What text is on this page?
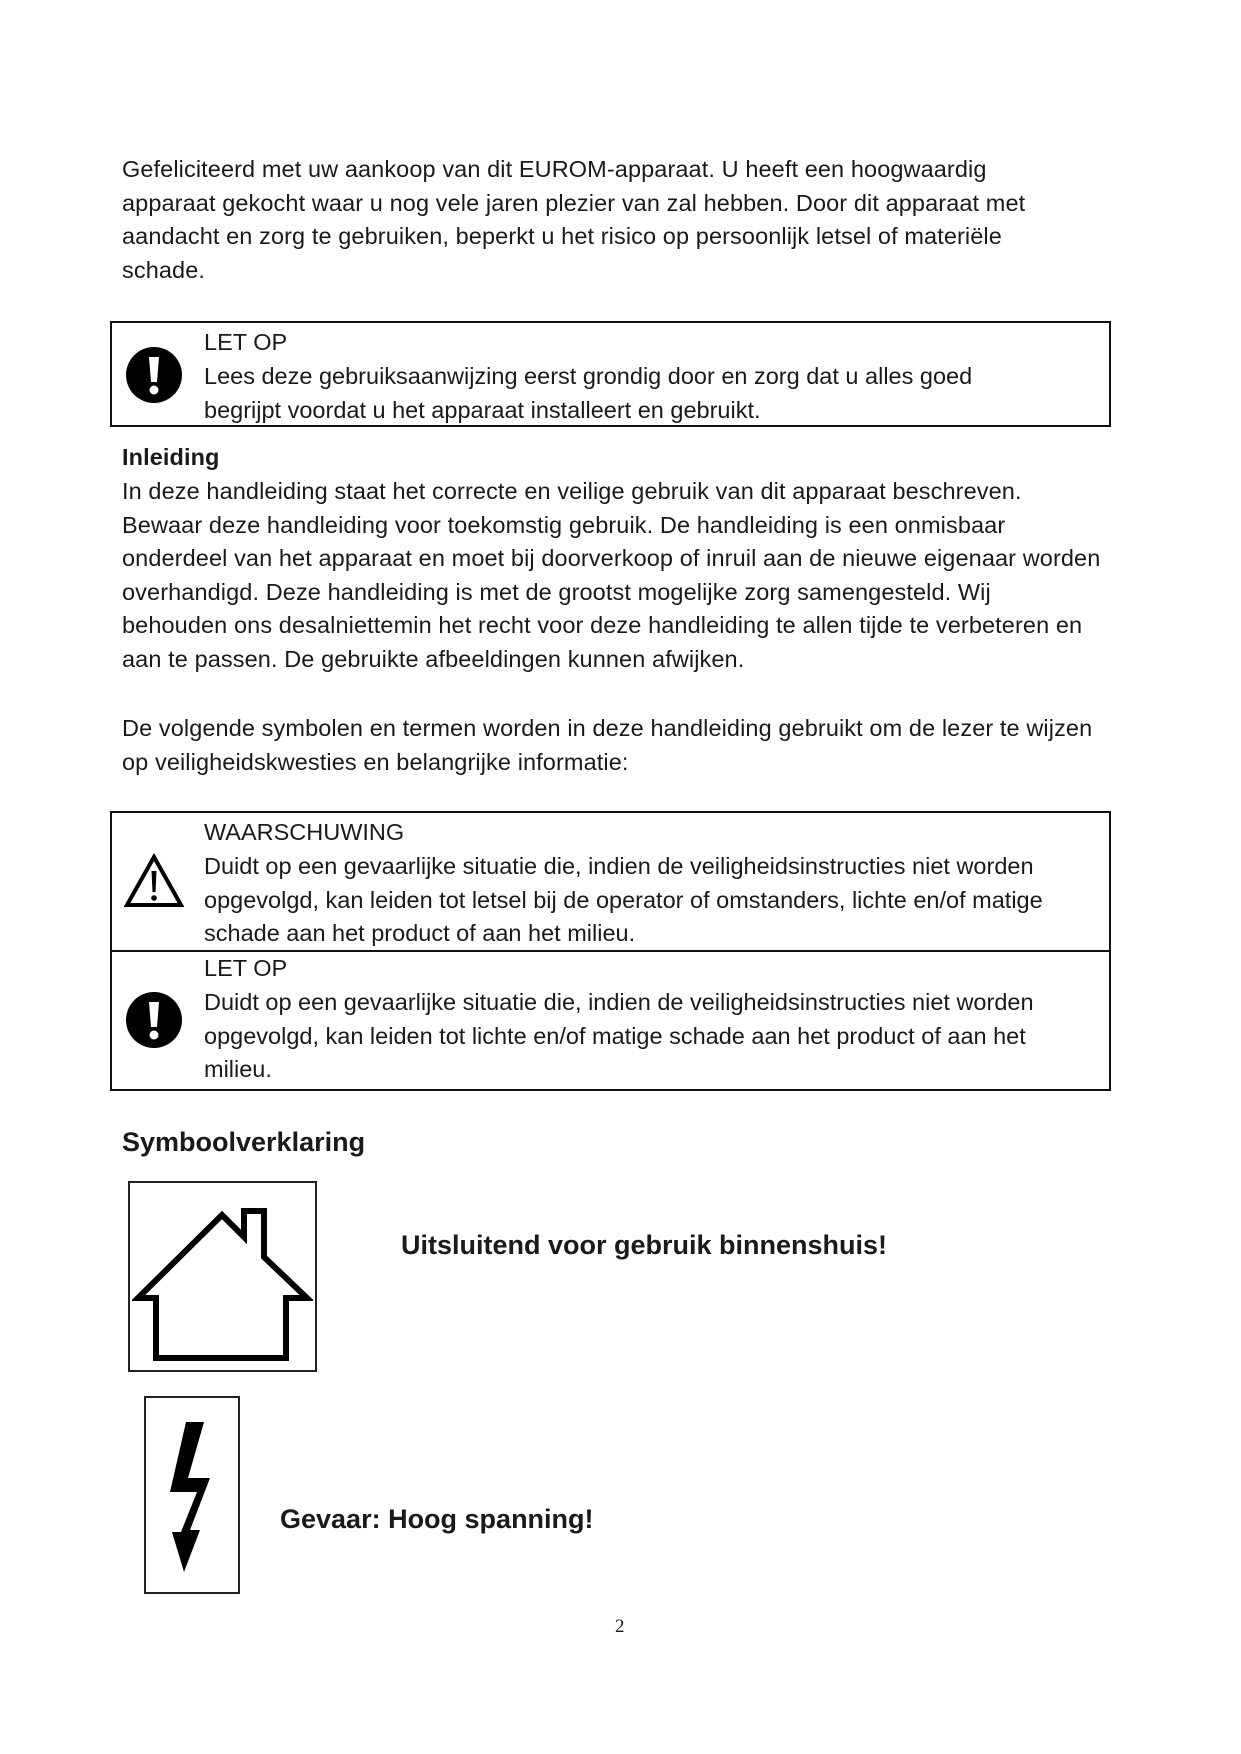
Gefeliciteerd met uw aankoop van dit EUROM-apparaat. U heeft een hoogwaardig apparaat gekocht waar u nog vele jaren plezier van zal hebben. Door dit apparaat met aandacht en zorg te gebruiken, beperkt u het risico op persoonlijk letsel of materiële schade.
LET OP
Lees deze gebruiksaanwijzing eerst grondig door en zorg dat u alles goed begrijpt voordat u het apparaat installeert en gebruikt.
Inleiding
In deze handleiding staat het correcte en veilige gebruik van dit apparaat beschreven. Bewaar deze handleiding voor toekomstig gebruik. De handleiding is een onmisbaar onderdeel van het apparaat en moet bij doorverkoop of inruil aan de nieuwe eigenaar worden overhandigd. Deze handleiding is met de grootst mogelijke zorg samengesteld. Wij behouden ons desalniettemin het recht voor deze handleiding te allen tijde te verbeteren en aan te passen. De gebruikte afbeeldingen kunnen afwijken.
De volgende symbolen en termen worden in deze handleiding gebruikt om de lezer te wijzen op veiligheidskwesties en belangrijke informatie:
WAARSCHUWING
Duidt op een gevaarlijke situatie die, indien de veiligheidsinstructies niet worden opgevolgd, kan leiden tot letsel bij de operator of omstanders, lichte en/of matige schade aan het product of aan het milieu.
LET OP
Duidt op een gevaarlijke situatie die, indien de veiligheidsinstructies niet worden opgevolgd, kan leiden tot lichte en/of matige schade aan het product of aan het milieu.
Symboolverklaring
Uitsluitend voor gebruik binnenshuis!
Gevaar: Hoog spanning!
2
